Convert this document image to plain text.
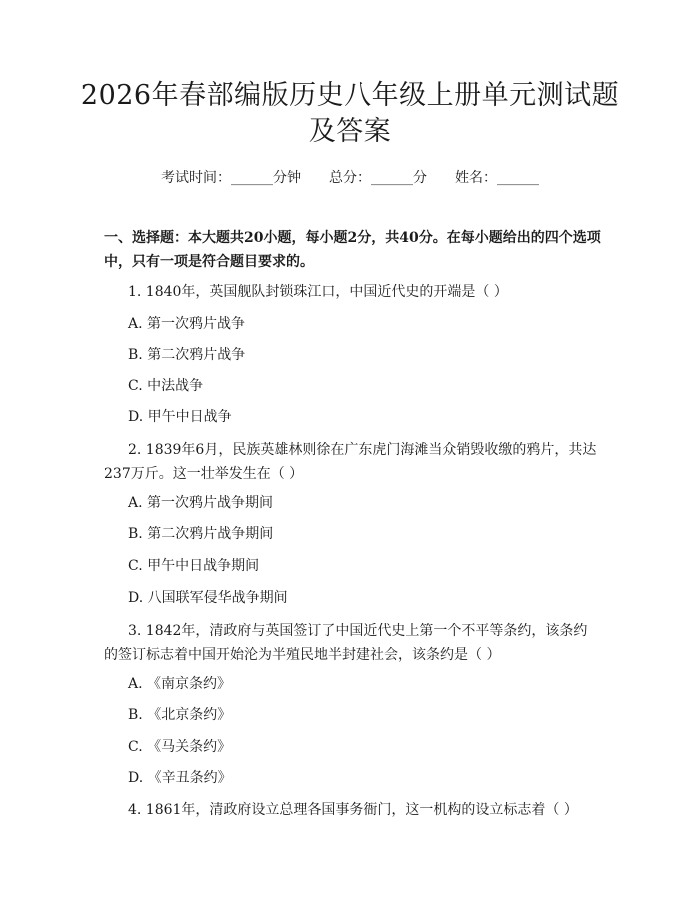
2026年春部编版历史八年级上册单元测试题及答案
考试时间：______分钟 总分：______分 姓名：______
一、选择题：本大题共20小题，每小题2分，共40分。在每小题给出的四个选项中，只有一项是符合题目要求的。
1. 1840年，英国舰队封锁珠江口，中国近代史的开端是（ ）
A. 第一次鸦片战争
B. 第二次鸦片战争
C. 中法战争
D. 甲午中日战争
2. 1839年6月，民族英雄林则徐在广东虎门海滩当众销毁收缴的鸦片，共达237万斤。这一壮举发生在（ ）
A. 第一次鸦片战争期间
B. 第二次鸦片战争期间
C. 甲午中日战争期间
D. 八国联军侵华战争期间
3. 1842年，清政府与英国签订了中国近代史上第一个不平等条约，该条约的签订标志着中国开始沦为半殖民地半封建社会，该条约是（ ）
A. 《南京条约》
B. 《北京条约》
C. 《马关条约》
D. 《辛丑条约》
4. 1861年，清政府设立总理各国事务衙门，这一机构的设立标志着（ ）
